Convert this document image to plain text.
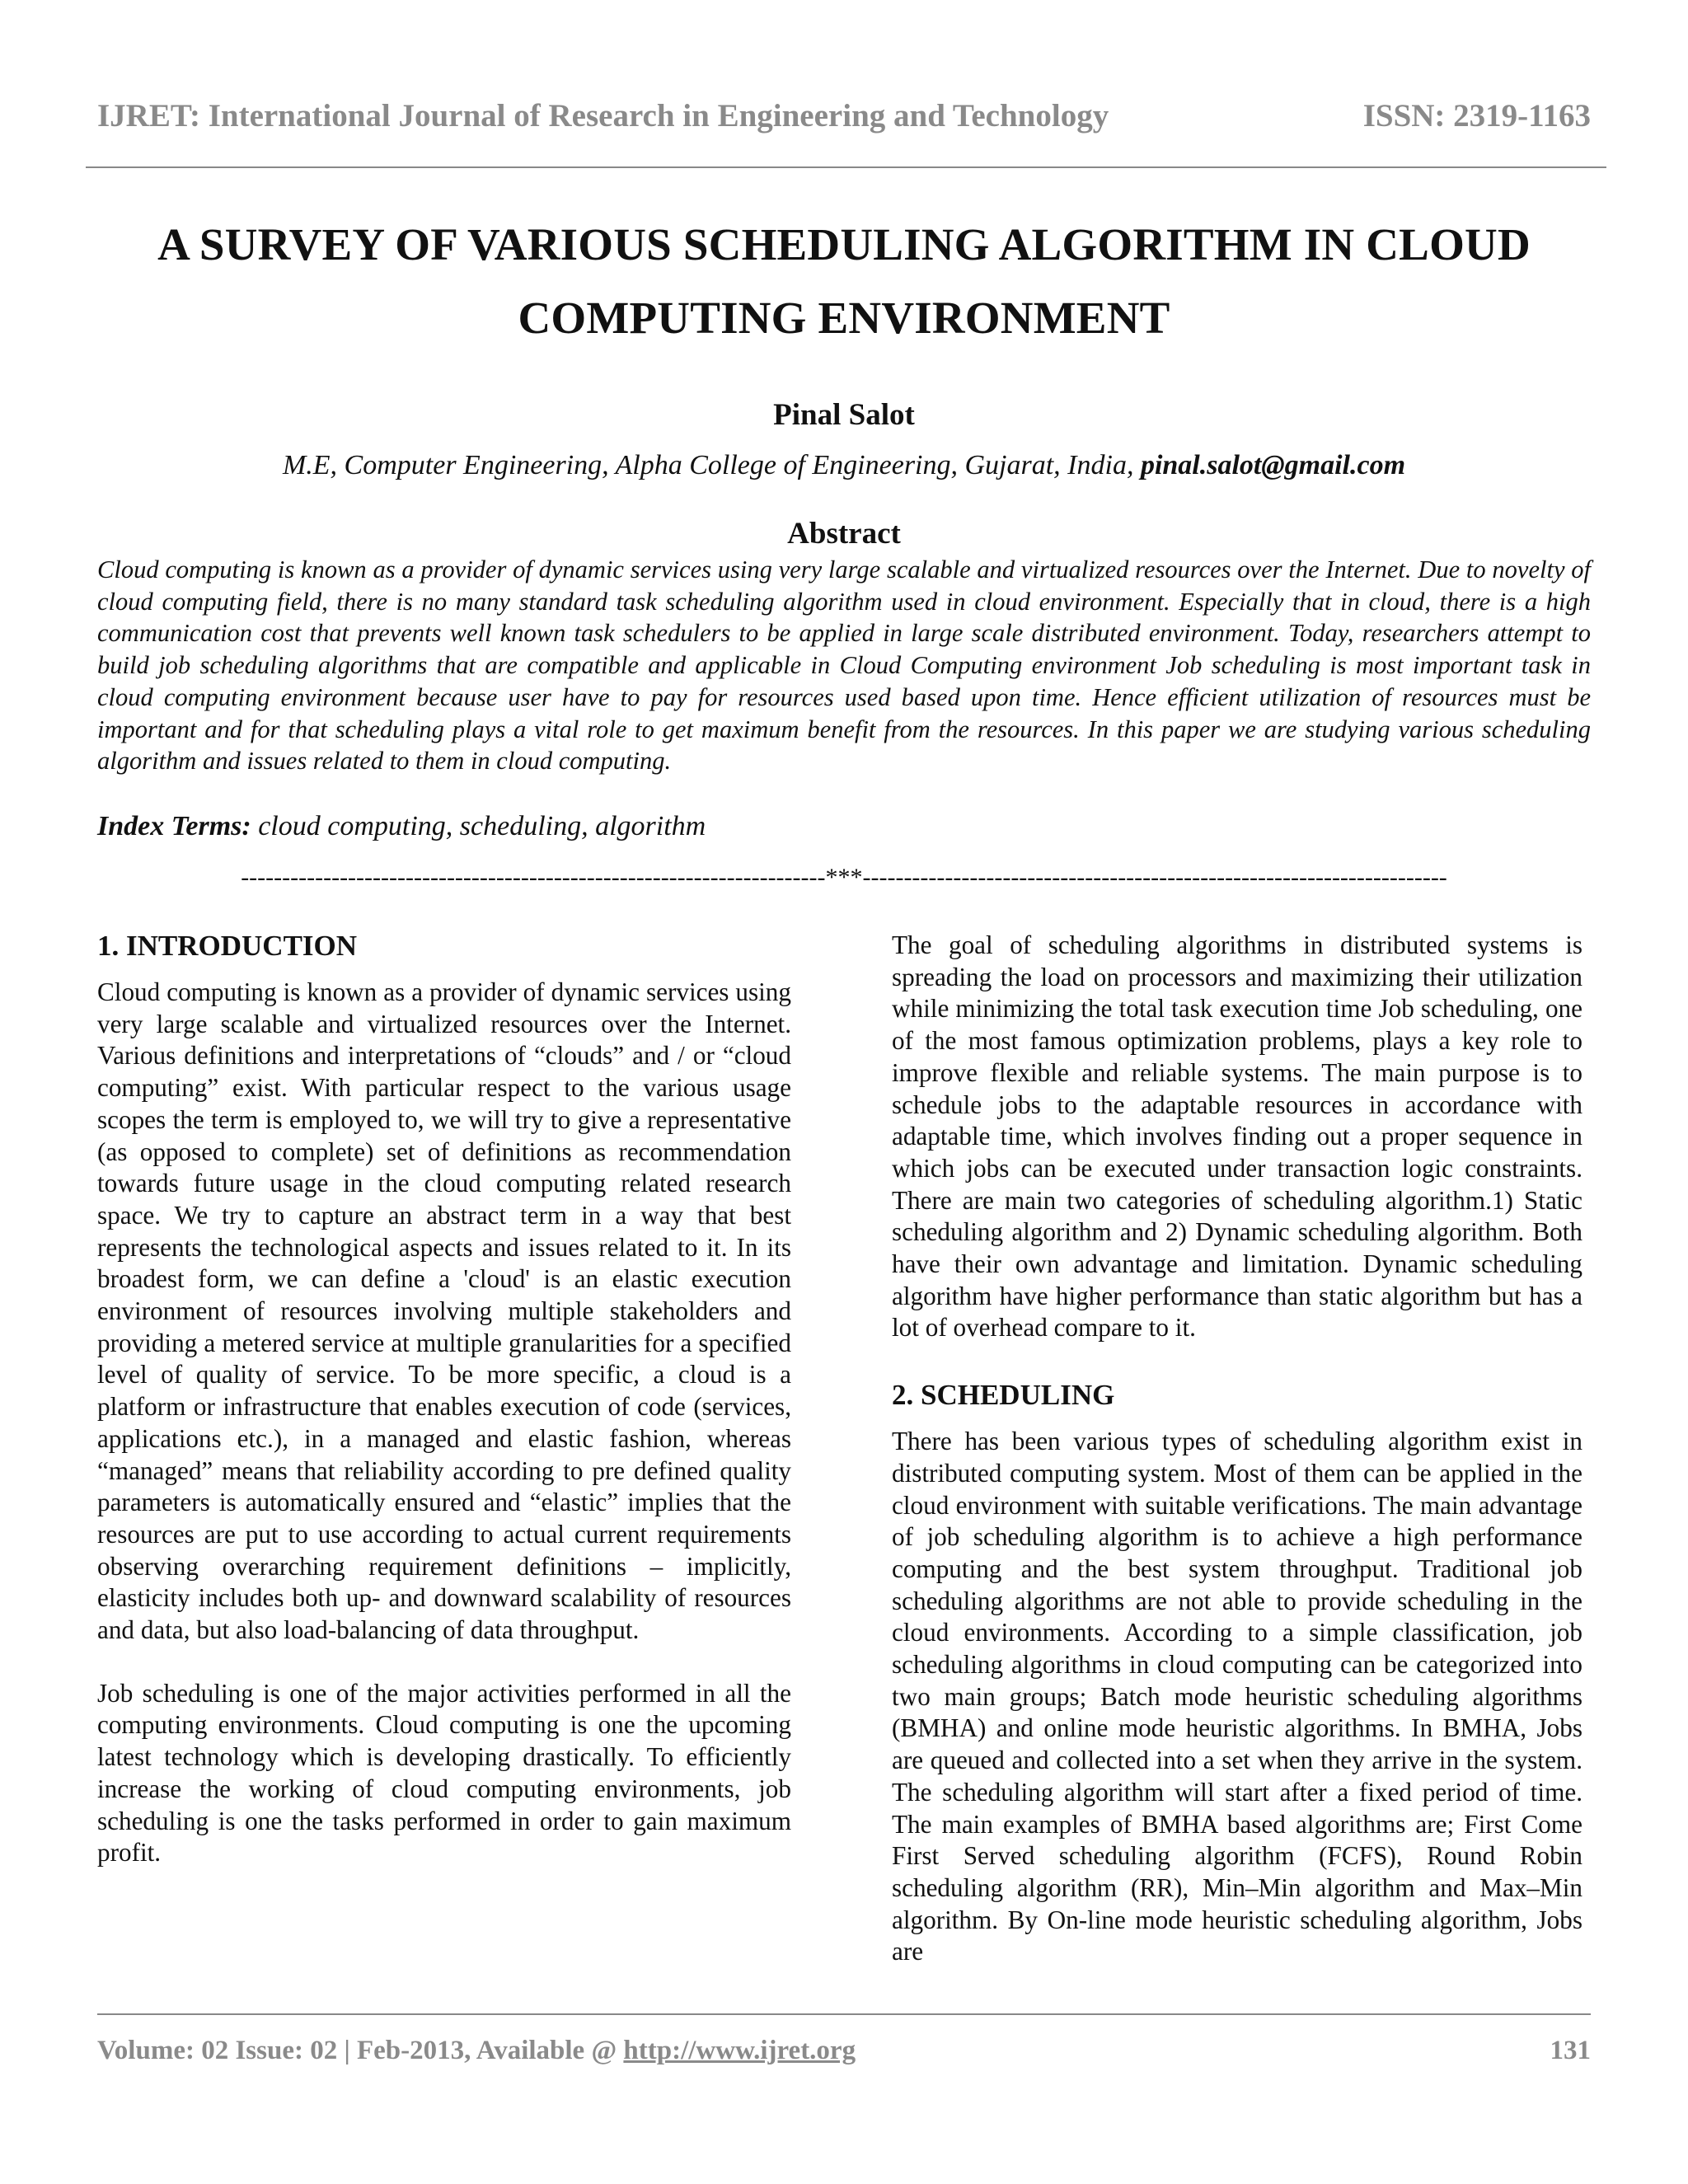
IJRET: International Journal of Research in Engineering and Technology	ISSN: 2319-1163
A SURVEY OF VARIOUS SCHEDULING ALGORITHM IN CLOUD
COMPUTING ENVIRONMENT
Pinal Salot
M.E, Computer Engineering, Alpha College of Engineering, Gujarat, India, pinal.salot@gmail.com
Abstract

Cloud computing is known as a provider of dynamic services using very large scalable and virtualized resources over the Internet. Due to novelty of cloud computing field, there is no many standard task scheduling algorithm used in cloud environment. Especially that in cloud, there is a high communication cost that prevents well known task schedulers to be applied in large scale distributed environment. Today, researchers attempt to build job scheduling algorithms that are compatible and applicable in Cloud Computing environment Job scheduling is most important task in cloud computing environment because user have to pay for resources used based upon time. Hence efficient utilization of resources must be important and for that scheduling plays a vital role to get maximum benefit from the resources. In this paper we are studying various scheduling algorithm and issues related to them in cloud computing.

Index Terms: cloud computing, scheduling, algorithm
-----------------------------------------------------------------------***-----------------------------------------------------------------------
1. INTRODUCTION

Cloud computing is known as a provider of dynamic services using very large scalable and virtualized resources over the Internet. Various definitions and interpretations of “clouds” and / or “cloud computing” exist. With particular respect to the various usage scopes the term is employed to, we will try to give a representative (as opposed to complete) set of definitions as recommendation towards future usage in the cloud computing related research space. We try to capture an abstract term in a way that best represents the technological aspects and issues related to it. In its broadest form, we can define a 'cloud' is an elastic execution environment of resources involving multiple stakeholders and providing a metered service at multiple granularities for a specified level of quality of service. To be more specific, a cloud is a platform or infrastructure that enables execution of code (services, applications etc.), in a managed and elastic fashion, whereas “managed” means that reliability according to pre defined quality parameters is automatically ensured and “elastic” implies that the resources are put to use according to actual current requirements observing overarching requirement definitions – implicitly, elasticity includes both up- and downward scalability of resources and data, but also load-balancing of data throughput.

Job scheduling is one of the major activities performed in all the computing environments. Cloud computing is one the upcoming latest technology which is developing drastically. To efficiently increase the working of cloud computing environments, job scheduling is one the tasks performed in order to gain maximum profit.

The goal of scheduling algorithms in distributed systems is spreading the load on processors and maximizing their utilization while minimizing the total task execution time Job scheduling, one of the most famous optimization problems, plays a key role to improve flexible and reliable systems. The main purpose is to schedule jobs to the adaptable resources in accordance with adaptable time, which involves finding out a proper sequence in which jobs can be executed under transaction logic constraints. There are main two categories of scheduling algorithm.1) Static scheduling algorithm and 2) Dynamic scheduling algorithm. Both have their own advantage and limitation. Dynamic scheduling algorithm have higher performance than static algorithm but has a lot of overhead compare to it.

2. SCHEDULING

There has been various types of scheduling algorithm exist in distributed computing system. Most of them can be applied in the cloud environment with suitable verifications. The main advantage of job scheduling algorithm is to achieve a high performance computing and the best system throughput. Traditional job scheduling algorithms are not able to provide scheduling in the cloud environments. According to a simple classification, job scheduling algorithms in cloud computing can be categorized into two main groups; Batch mode heuristic scheduling algorithms (BMHA) and online mode heuristic algorithms. In BMHA, Jobs are queued and collected into a set when they arrive in the system. The scheduling algorithm will start after a fixed period of time. The main examples of BMHA based algorithms are; First Come First Served scheduling algorithm (FCFS), Round Robin scheduling algorithm (RR), Min–Min algorithm and Max–Min algorithm. By On-line mode heuristic scheduling algorithm, Jobs are

Volume: 02 Issue: 02 | Feb-2013, Available @ http://www.ijret.org	131
